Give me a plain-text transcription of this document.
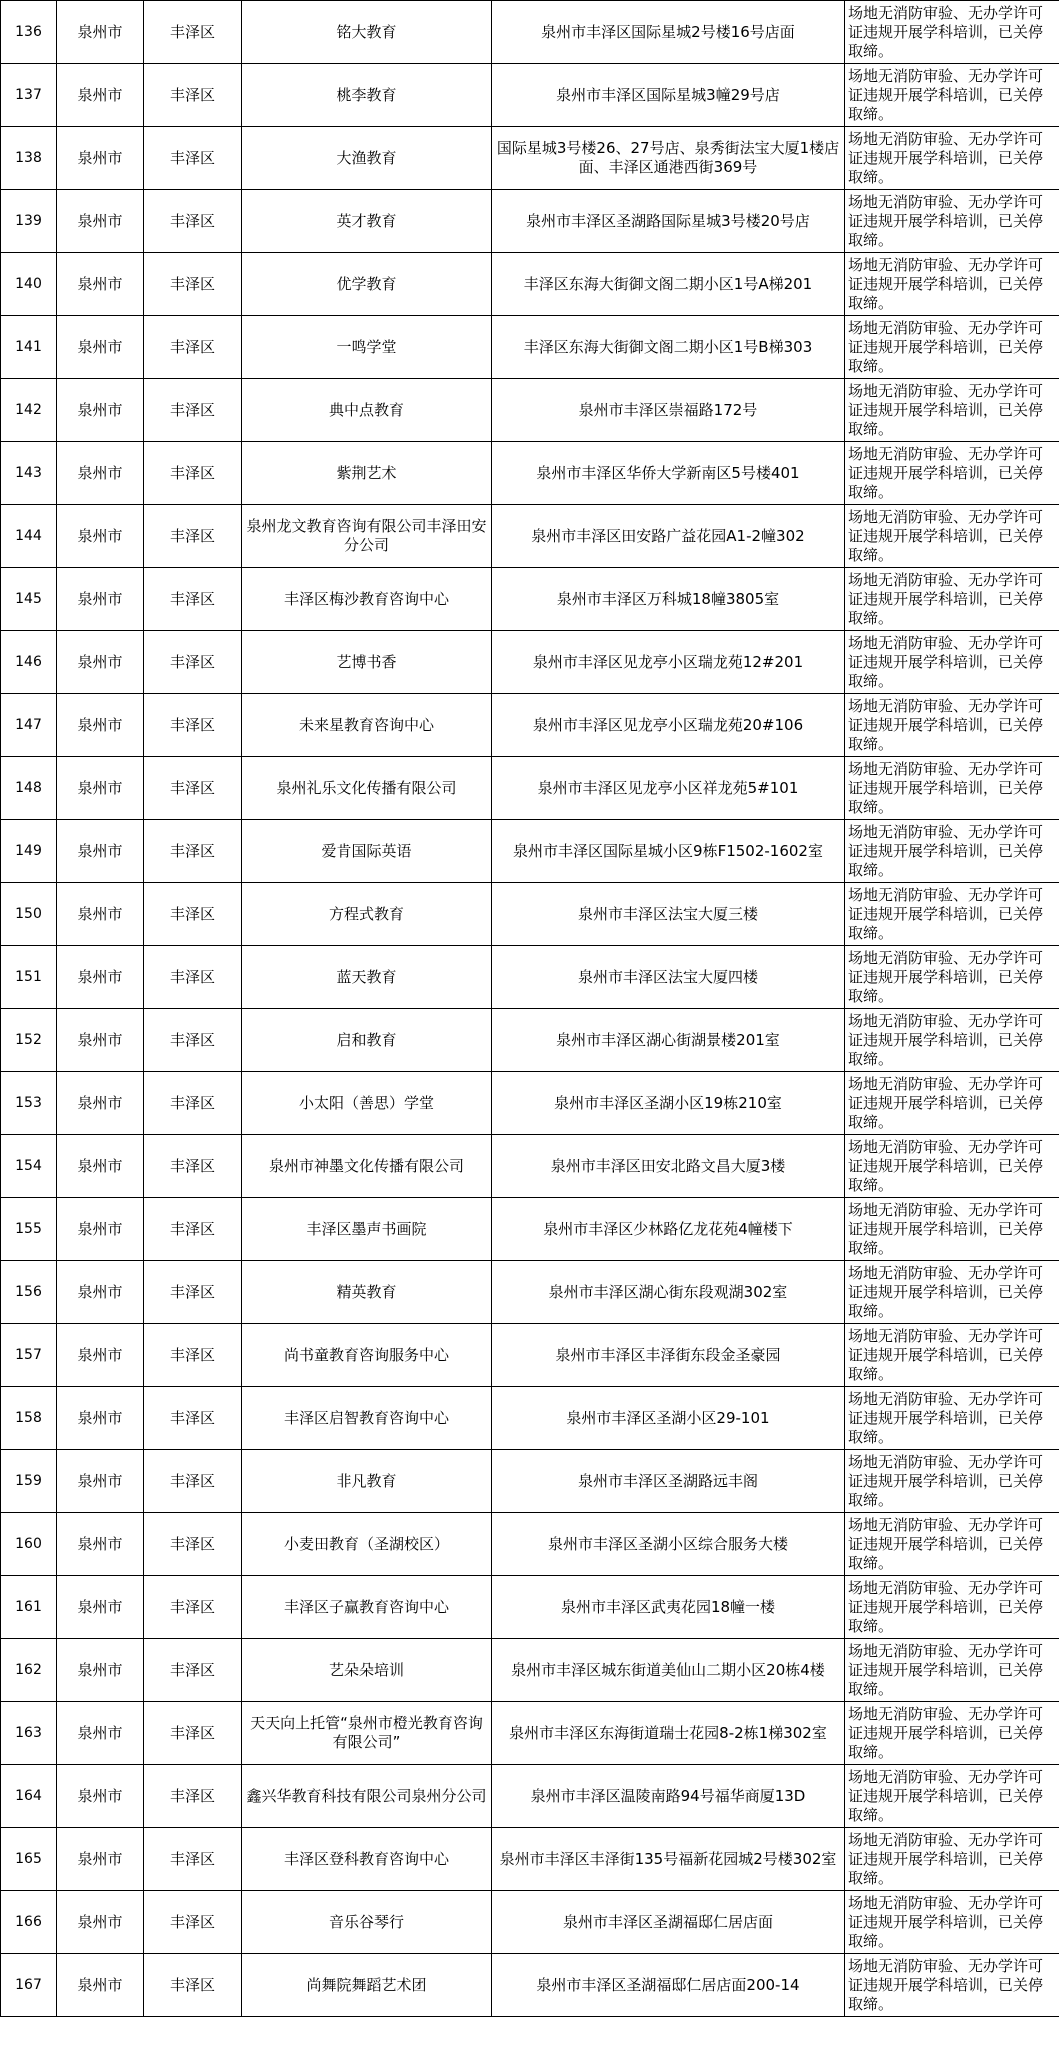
136	泉州市	丰泽区	铭大教育	泉州市丰泽区国际星城2号楼16号店面	场地无消防审验、无办学许可证违规开展学科培训，已关停取缔。
137	泉州市	丰泽区	桃李教育	泉州市丰泽区国际星城3幢29号店	场地无消防审验、无办学许可证违规开展学科培训，已关停取缔。
138	泉州市	丰泽区	大渔教育	国际星城3号楼26、27号店、泉秀街法宝大厦1楼店面、丰泽区通港西街369号	场地无消防审验、无办学许可证违规开展学科培训，已关停取缔。
139	泉州市	丰泽区	英才教育	泉州市丰泽区圣湖路国际星城3号楼20号店	场地无消防审验、无办学许可证违规开展学科培训，已关停取缔。
140	泉州市	丰泽区	优学教育	丰泽区东海大街御文阁二期小区1号A梯201	场地无消防审验、无办学许可证违规开展学科培训，已关停取缔。
141	泉州市	丰泽区	一鸣学堂	丰泽区东海大街御文阁二期小区1号B梯303	场地无消防审验、无办学许可证违规开展学科培训，已关停取缔。
142	泉州市	丰泽区	典中点教育	泉州市丰泽区崇福路172号	场地无消防审验、无办学许可证违规开展学科培训，已关停取缔。
143	泉州市	丰泽区	紫荆艺术	泉州市丰泽区华侨大学新南区5号楼401	场地无消防审验、无办学许可证违规开展学科培训，已关停取缔。
144	泉州市	丰泽区	泉州龙文教育咨询有限公司丰泽田安分公司	泉州市丰泽区田安路广益花园A1-2幢302	场地无消防审验、无办学许可证违规开展学科培训，已关停取缔。
145	泉州市	丰泽区	丰泽区梅沙教育咨询中心	泉州市丰泽区万科城18幢3805室	场地无消防审验、无办学许可证违规开展学科培训，已关停取缔。
146	泉州市	丰泽区	艺博书香	泉州市丰泽区见龙亭小区瑞龙苑12#201	场地无消防审验、无办学许可证违规开展学科培训，已关停取缔。
147	泉州市	丰泽区	未来星教育咨询中心	泉州市丰泽区见龙亭小区瑞龙苑20#106	场地无消防审验、无办学许可证违规开展学科培训，已关停取缔。
148	泉州市	丰泽区	泉州礼乐文化传播有限公司	泉州市丰泽区见龙亭小区祥龙苑5#101	场地无消防审验、无办学许可证违规开展学科培训，已关停取缔。
149	泉州市	丰泽区	爱肯国际英语	泉州市丰泽区国际星城小区9栋F1502-1602室	场地无消防审验、无办学许可证违规开展学科培训，已关停取缔。
150	泉州市	丰泽区	方程式教育	泉州市丰泽区法宝大厦三楼	场地无消防审验、无办学许可证违规开展学科培训，已关停取缔。
151	泉州市	丰泽区	蓝天教育	泉州市丰泽区法宝大厦四楼	场地无消防审验、无办学许可证违规开展学科培训，已关停取缔。
152	泉州市	丰泽区	启和教育	泉州市丰泽区湖心街湖景楼201室	场地无消防审验、无办学许可证违规开展学科培训，已关停取缔。
153	泉州市	丰泽区	小太阳（善思）学堂	泉州市丰泽区圣湖小区19栋210室	场地无消防审验、无办学许可证违规开展学科培训，已关停取缔。
154	泉州市	丰泽区	泉州市神墨文化传播有限公司	泉州市丰泽区田安北路文昌大厦3楼	场地无消防审验、无办学许可证违规开展学科培训，已关停取缔。
155	泉州市	丰泽区	丰泽区墨声书画院	泉州市丰泽区少林路亿龙花苑4幢楼下	场地无消防审验、无办学许可证违规开展学科培训，已关停取缔。
156	泉州市	丰泽区	精英教育	泉州市丰泽区湖心街东段观湖302室	场地无消防审验、无办学许可证违规开展学科培训，已关停取缔。
157	泉州市	丰泽区	尚书童教育咨询服务中心	泉州市丰泽区丰泽街东段金圣豪园	场地无消防审验、无办学许可证违规开展学科培训，已关停取缔。
158	泉州市	丰泽区	丰泽区启智教育咨询中心	泉州市丰泽区圣湖小区29-101	场地无消防审验、无办学许可证违规开展学科培训，已关停取缔。
159	泉州市	丰泽区	非凡教育	泉州市丰泽区圣湖路远丰阁	场地无消防审验、无办学许可证违规开展学科培训，已关停取缔。
160	泉州市	丰泽区	小麦田教育（圣湖校区）	泉州市丰泽区圣湖小区综合服务大楼	场地无消防审验、无办学许可证违规开展学科培训，已关停取缔。
161	泉州市	丰泽区	丰泽区子赢教育咨询中心	泉州市丰泽区武夷花园18幢一楼	场地无消防审验、无办学许可证违规开展学科培训，已关停取缔。
162	泉州市	丰泽区	艺朵朵培训	泉州市丰泽区城东街道美仙山二期小区20栋4楼	场地无消防审验、无办学许可证违规开展学科培训，已关停取缔。
163	泉州市	丰泽区	天天向上托管“泉州市橙光教育咨询有限公司”	泉州市丰泽区东海街道瑞士花园8-2栋1梯302室	场地无消防审验、无办学许可证违规开展学科培训，已关停取缔。
164	泉州市	丰泽区	鑫兴华教育科技有限公司泉州分公司	泉州市丰泽区温陵南路94号福华商厦13D	场地无消防审验、无办学许可证违规开展学科培训，已关停取缔。
165	泉州市	丰泽区	丰泽区登科教育咨询中心	泉州市丰泽区丰泽街135号福新花园城2号楼302室	场地无消防审验、无办学许可证违规开展学科培训，已关停取缔。
166	泉州市	丰泽区	音乐谷琴行	泉州市丰泽区圣湖福邸仁居店面	场地无消防审验、无办学许可证违规开展学科培训，已关停取缔。
167	泉州市	丰泽区	尚舞院舞蹈艺术团	泉州市丰泽区圣湖福邸仁居店面200-14	场地无消防审验、无办学许可证违规开展学科培训，已关停取缔。
